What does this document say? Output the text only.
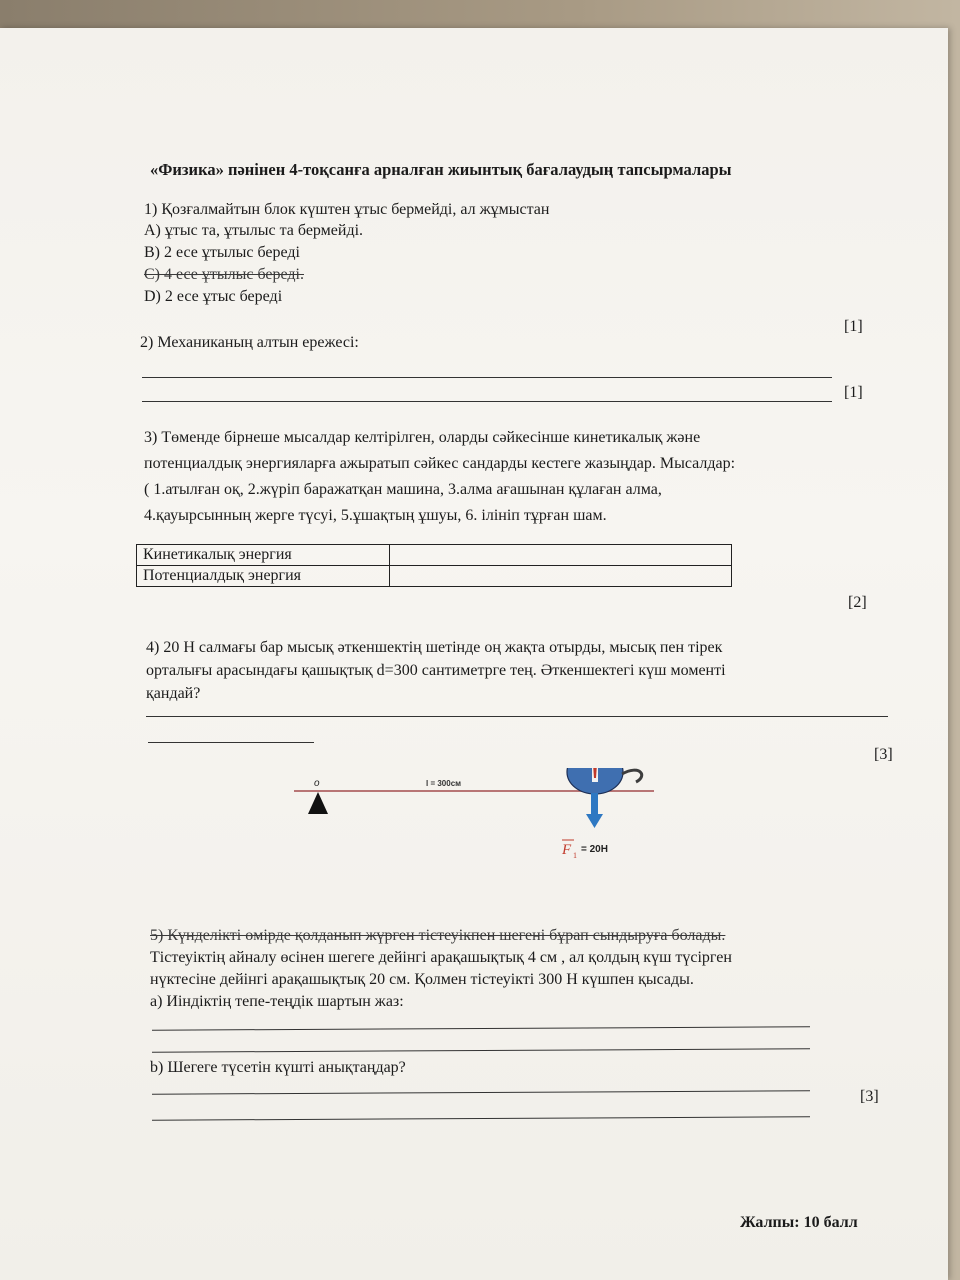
«Физика» пәнінен 4-тоқсанға арналған жиынтық бағалаудың тапсырмалары
1) Қозғалмайтын блок күштен ұтыс бермейді, ал жұмыстан
A) ұтыс та, ұтылыс та бермейді.
B) 2 есе ұтылыс береді
C) 4 есе ұтылыс береді.
D) 2 есе ұтыс береді
[1]
2) Механиканың алтын ережесі:
[1]
3) Төменде бірнеше мысалдар келтірілген, оларды сәйкесінше кинетикалық және
потенциалдық энергияларға ажыратып сәйкес сандарды кестеге жазыңдар. Мысалдар:
( 1.атылған оқ, 2.жүріп баражатқан машина, 3.алма ағашынан құлаған алма,
4.қауырсынның жерге түсуі, 5.ұшақтың ұшуы, 6. ілініп тұрған шам.
Кинетикалық энергия	
Потенциалдық энергия	
[2]
4) 20 Н салмағы бар мысық әткеншектің шетінде оң жақта отырды, мысық пен тірек
орталығы арасындағы қашықтық d=300 сантиметрге тең. Әткеншектегі күш моменті
қандай?
[3]
o	l = 300см
F 1
= 20Н
5) Күнделікті өмірде қолданып жүрген тістеуікпен шегені бұрап сындыруға болады.
Тістеуіктің айналу өсінен шегеге дейінгі арақашықтық 4 см , ал қолдың күш түсірген
нүктесіне дейінгі арақашықтық 20 см. Қолмен тістеуікті 300 Н күшпен қысады.
a) Иіндіктің тепе-теңдік шартын жаз:
b) Шегеге түсетін күшті анықтаңдар?
[3]
Жалпы: 10 балл
